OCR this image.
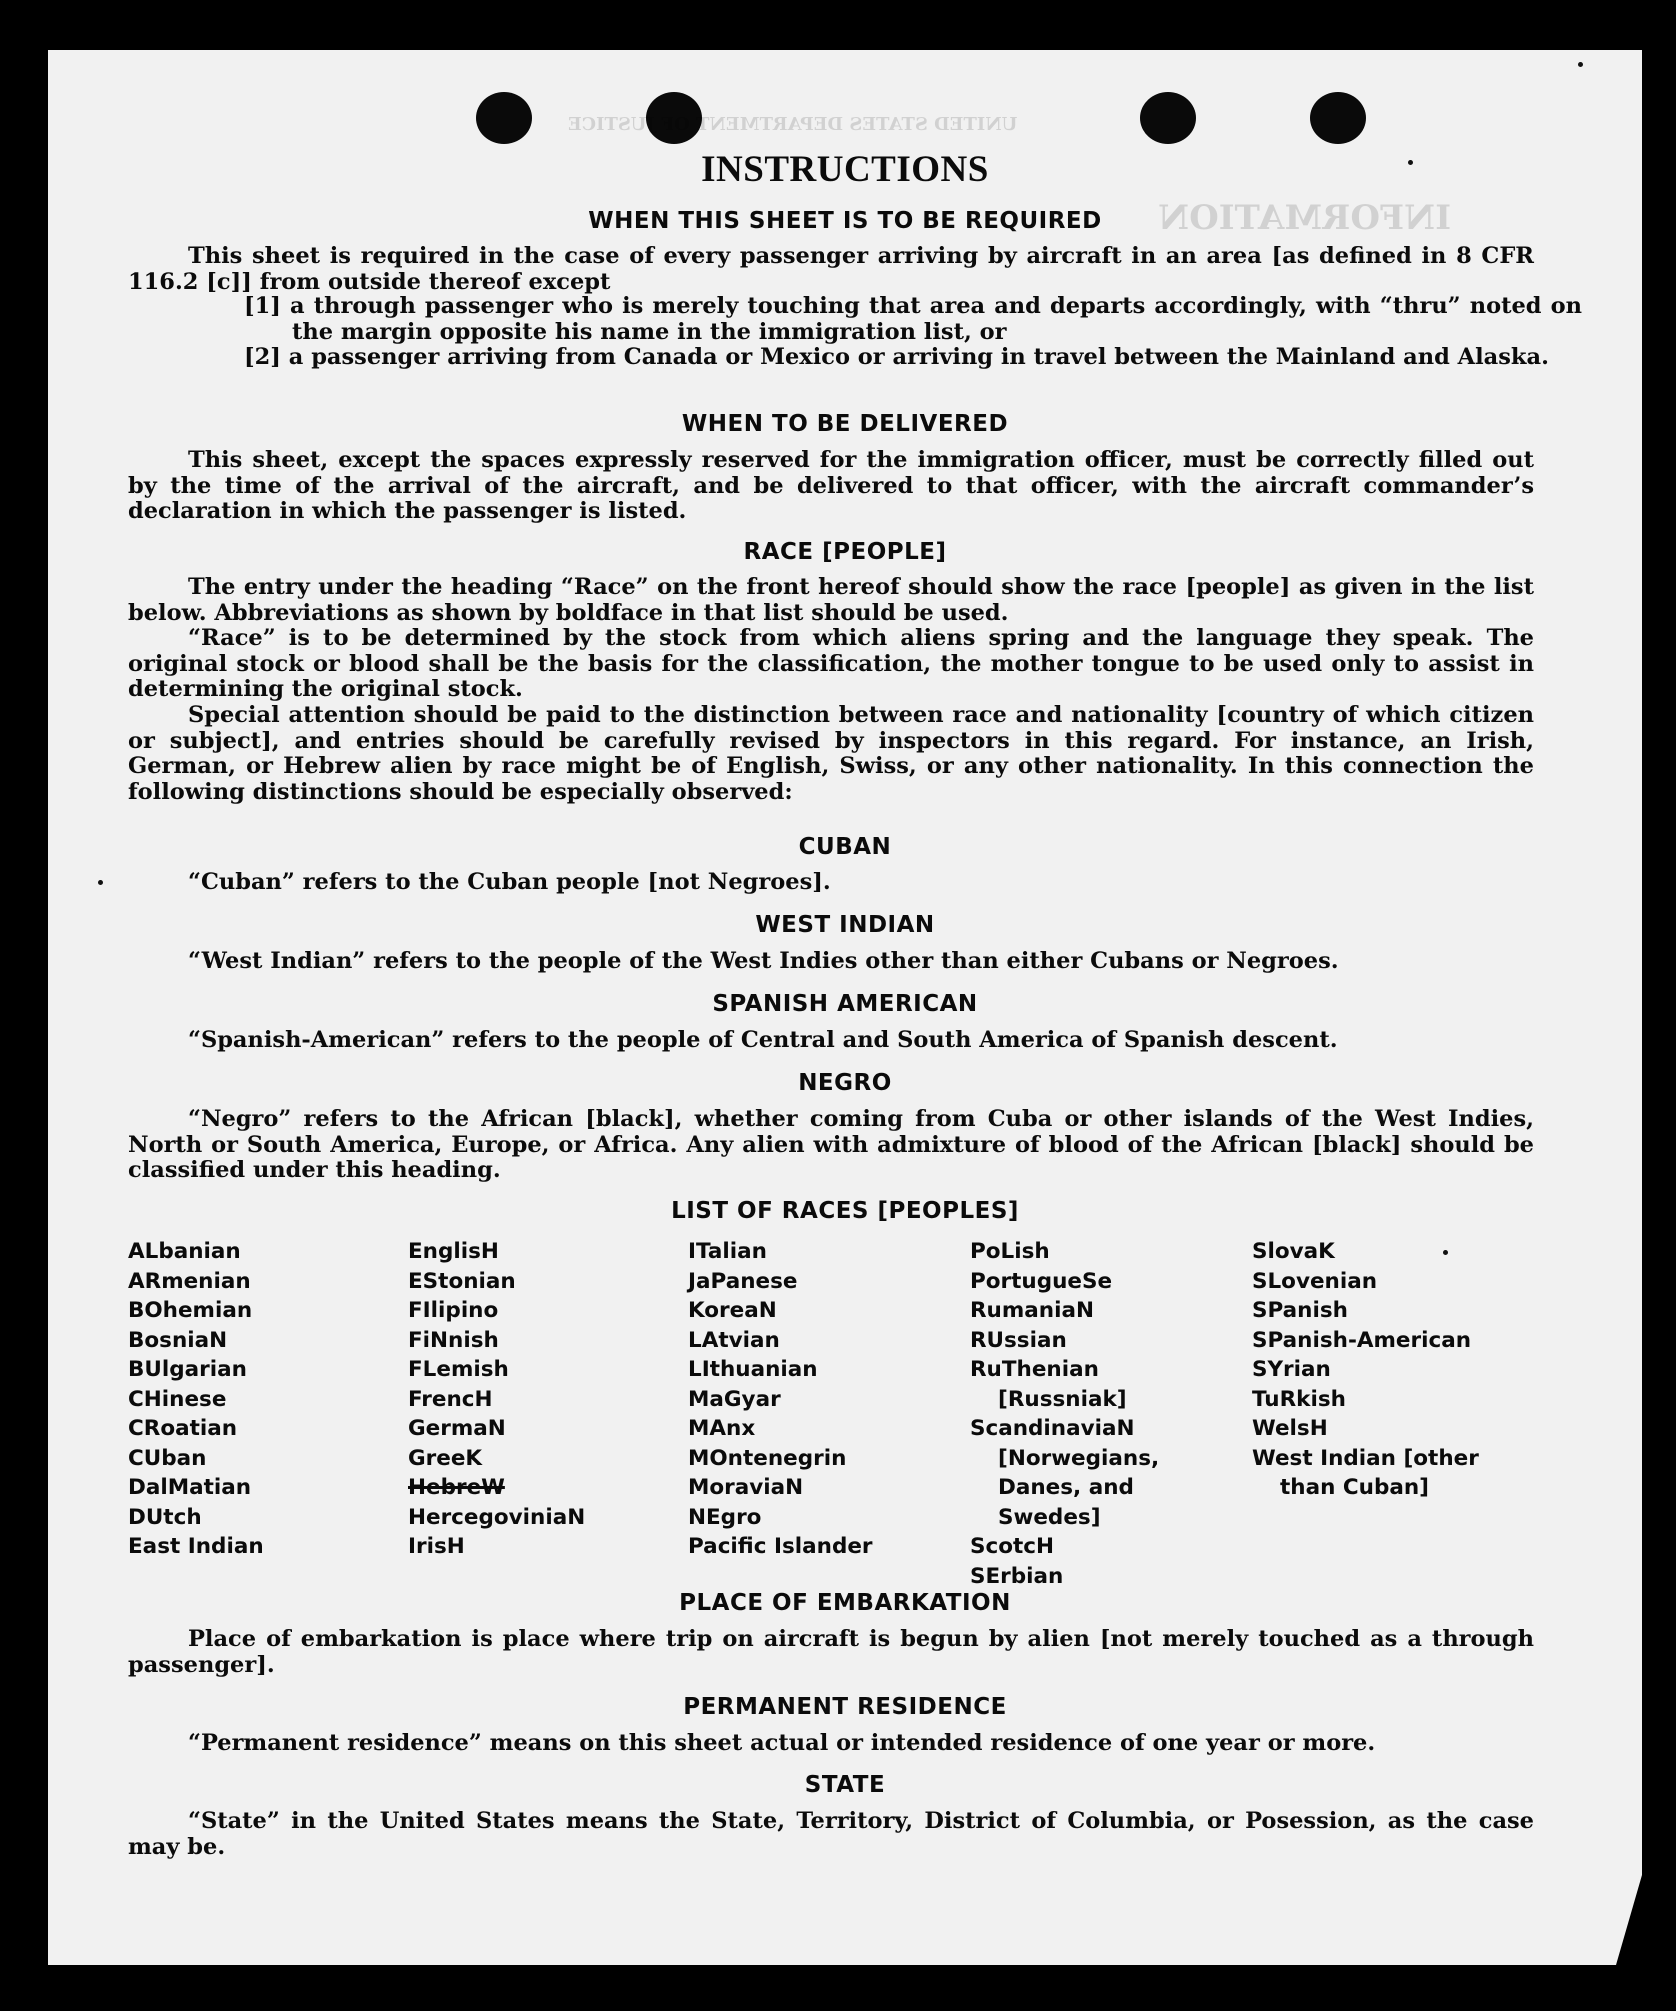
INFORMATION
UNITED STATES DEPARTMENT OF JUSTICE
INSTRUCTIONS
WHEN THIS SHEET IS TO BE REQUIRED
This sheet is required in the case of every passenger arriving by aircraft in an area [as defined in 8 CFR 116.2 [c]] from outside thereof except
[1] a through passenger who is merely touching that area and departs accordingly, with “thru” noted on the margin opposite his name in the immigration list, or
[2] a passenger arriving from Canada or Mexico or arriving in travel between the Mainland and Alaska.
WHEN TO BE DELIVERED
This sheet, except the spaces expressly reserved for the immigration officer, must be correctly filled out by the time of the arrival of the aircraft, and be delivered to that officer, with the aircraft commander’s declaration in which the passenger is listed.
RACE [PEOPLE]
The entry under the heading “Race” on the front hereof should show the race [people] as given in the list below. Abbreviations as shown by boldface in that list should be used.
“Race” is to be determined by the stock from which aliens spring and the language they speak. The original stock or blood shall be the basis for the classification, the mother tongue to be used only to assist in determining the original stock.
Special attention should be paid to the distinction between race and nationality [country of which citizen or subject], and entries should be carefully revised by inspectors in this regard. For instance, an Irish, German, or Hebrew alien by race might be of English, Swiss, or any other nationality. In this connection the following distinctions should be especially observed:
CUBAN
“Cuban” refers to the Cuban people [not Negroes].
WEST INDIAN
“West Indian” refers to the people of the West Indies other than either Cubans or Negroes.
SPANISH AMERICAN
“Spanish-American” refers to the people of Central and South America of Spanish descent.
NEGRO
“Negro” refers to the African [black], whether coming from Cuba or other islands of the West Indies, North or South America, Europe, or Africa. Any alien with admixture of blood of the African [black] should be classified under this heading.
LIST OF RACES [PEOPLES]
ALbanian
ARmenian
BOhemian
BosniaN
BUlgarian
CHinese
CRoatian
CUban
DalMatian
DUtch
East Indian
EnglisH
EStonian
FIlipino
FiNnish
FLemish
FrencH
GermaN
GreeK
HebreW
HercegoviniaN
IrisH
ITalian
JaPanese
KoreaN
LAtvian
LIthuanian
MaGyar
MAnx
MOntenegrin
MoraviaN
NEgro
Pacific Islander
PoLish
PortugueSe
RumaniaN
RUssian
RuThenian [Russniak]
ScandinaviaN [Norwegians, Danes, and Swedes]
ScotcH
SErbian
SlovaK
SLovenian
SPanish
SPanish-American
SYrian
TuRkish
WelsH
West Indian [other than Cuban]
PLACE OF EMBARKATION
Place of embarkation is place where trip on aircraft is begun by alien [not merely touched as a through passenger].
PERMANENT RESIDENCE
“Permanent residence” means on this sheet actual or intended residence of one year or more.
STATE
“State” in the United States means the State, Territory, District of Columbia, or Posession, as the case may be.
